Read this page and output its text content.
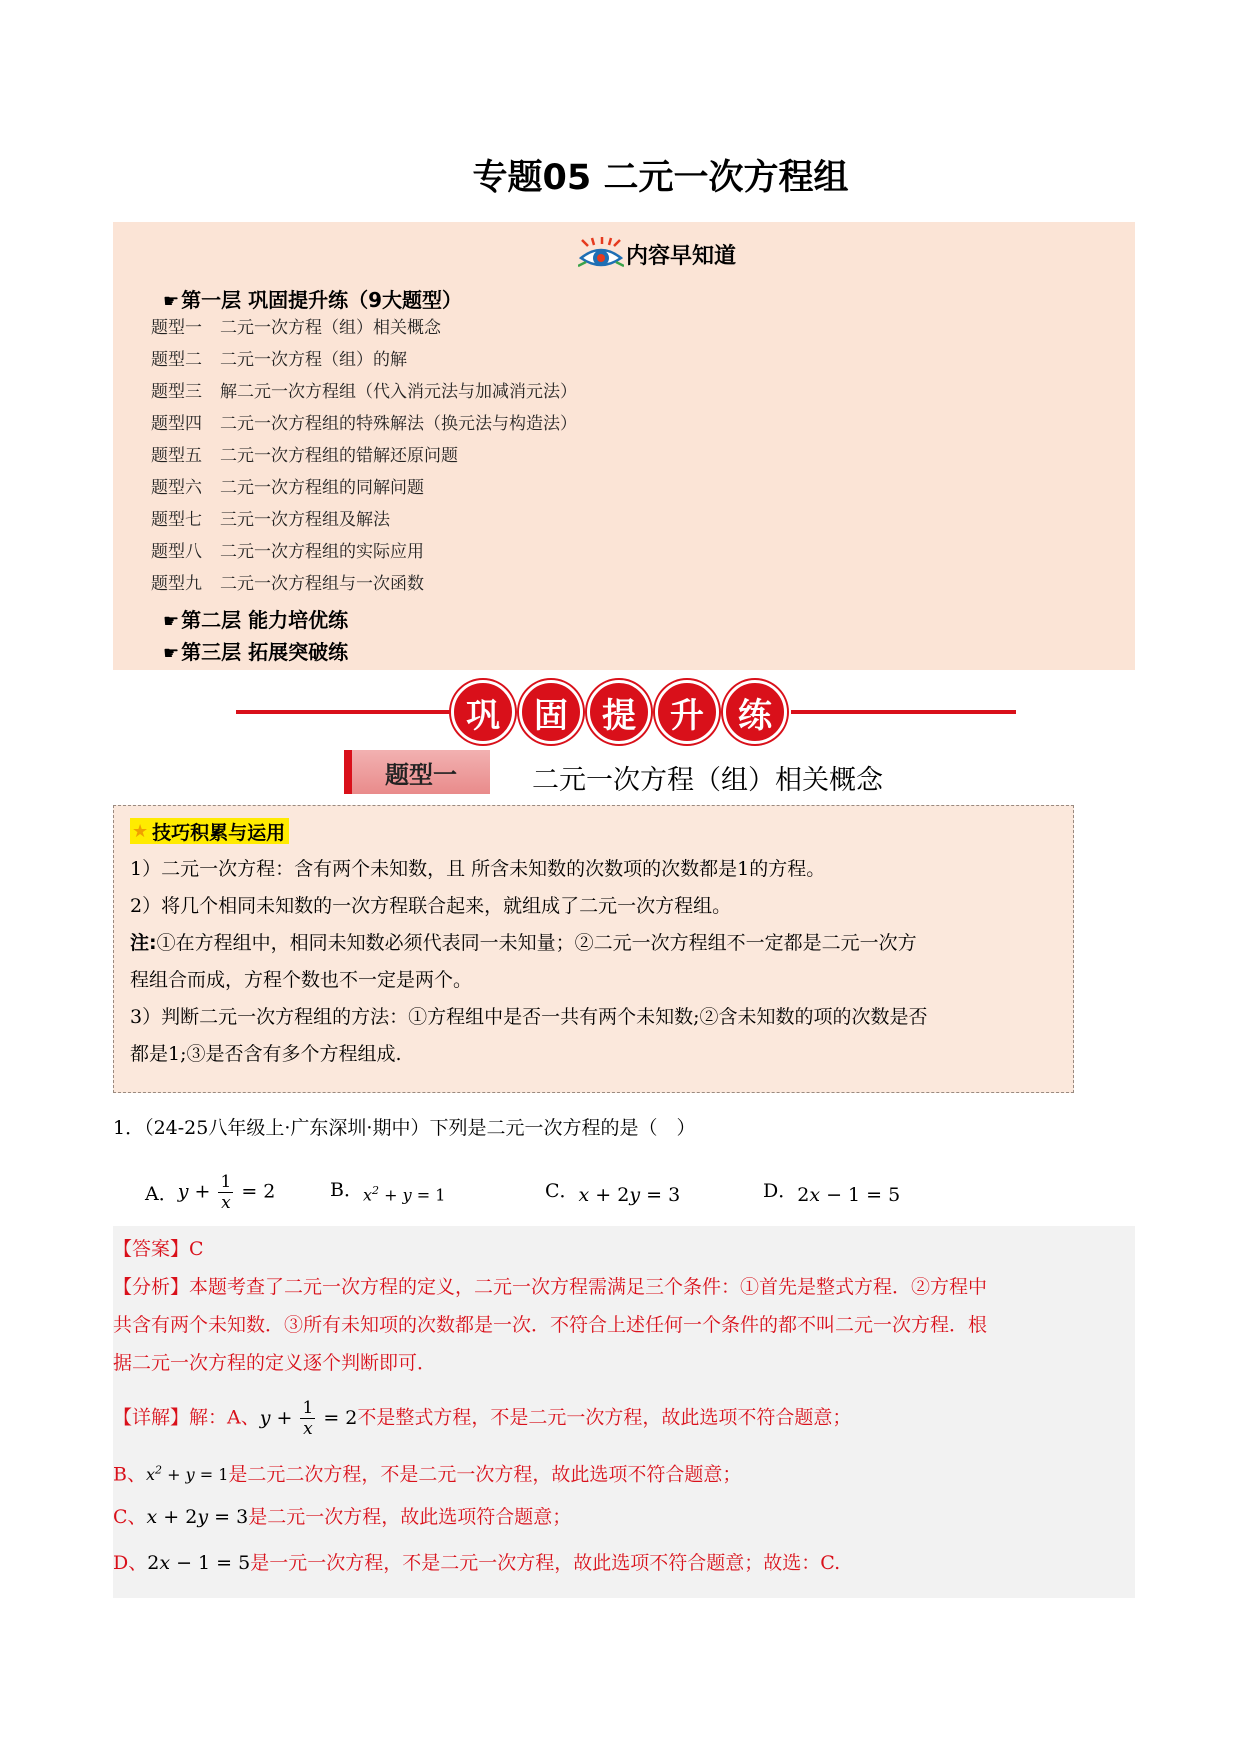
专题05 二元一次方程组
内容早知道
☛ 第一层 巩固提升练（9大题型）
题型一 二元一次方程（组）相关概念
题型二 二元一次方程（组）的解
题型三 解二元一次方程组（代入消元法与加减消元法）
题型四 二元一次方程组的特殊解法（换元法与构造法）
题型五 二元一次方程组的错解还原问题
题型六 二元一次方程组的同解问题
题型七 三元一次方程组及解法
题型八 二元一次方程组的实际应用
题型九 二元一次方程组与一次函数
☛ 第二层 能力培优练
☛ 第三层 拓展突破练
巩	固	提	升	练
题型一	二元一次方程（组）相关概念
★ 技巧积累与运用

1）二元一次方程：含有两个未知数，且 所含未知数的次数项的次数都是1的方程。

2）将几个相同未知数的一次方程联合起来，就组成了二元一次方程组。

注:①在方程组中，相同未知数必须代表同一未知量；②二元一次方程组不一定都是二元一次方

程组合而成，方程个数也不一定是两个。

3）判断二元一次方程组的方法：①方程组中是否一共有两个未知数;②含未知数的项的次数是否

都是1;③是否含有多个方程组成.

1．（24-25八年级上·广东深圳·期中）下列是二元一次方程的是（　）
A． $y + \frac{1}{x} = 2$	B． $x^2 + y = 1$	C． x + 2y = 3	D． 2x − 1 = 5

【答案】C

【分析】本题考查了二元一次方程的定义，二元一次方程需满足三个条件：①首先是整式方程．②方程中

共含有两个未知数．③所有未知项的次数都是一次．不符合上述任何一个条件的都不叫二元一次方程．根

据二元一次方程的定义逐个判断即可．

【详解】解：A、$y + \frac{1}{x} = 2$不是整式方程，不是二元一次方程，故此选项不符合题意；

B、$x^2 + y = 1$是二元二次方程，不是二元一次方程，故此选项不符合题意；

C、x + 2y = 3是二元一次方程，故此选项符合题意；

D、2x − 1 = 5是一元一次方程，不是二元一次方程，故此选项不符合题意；故选：C.
